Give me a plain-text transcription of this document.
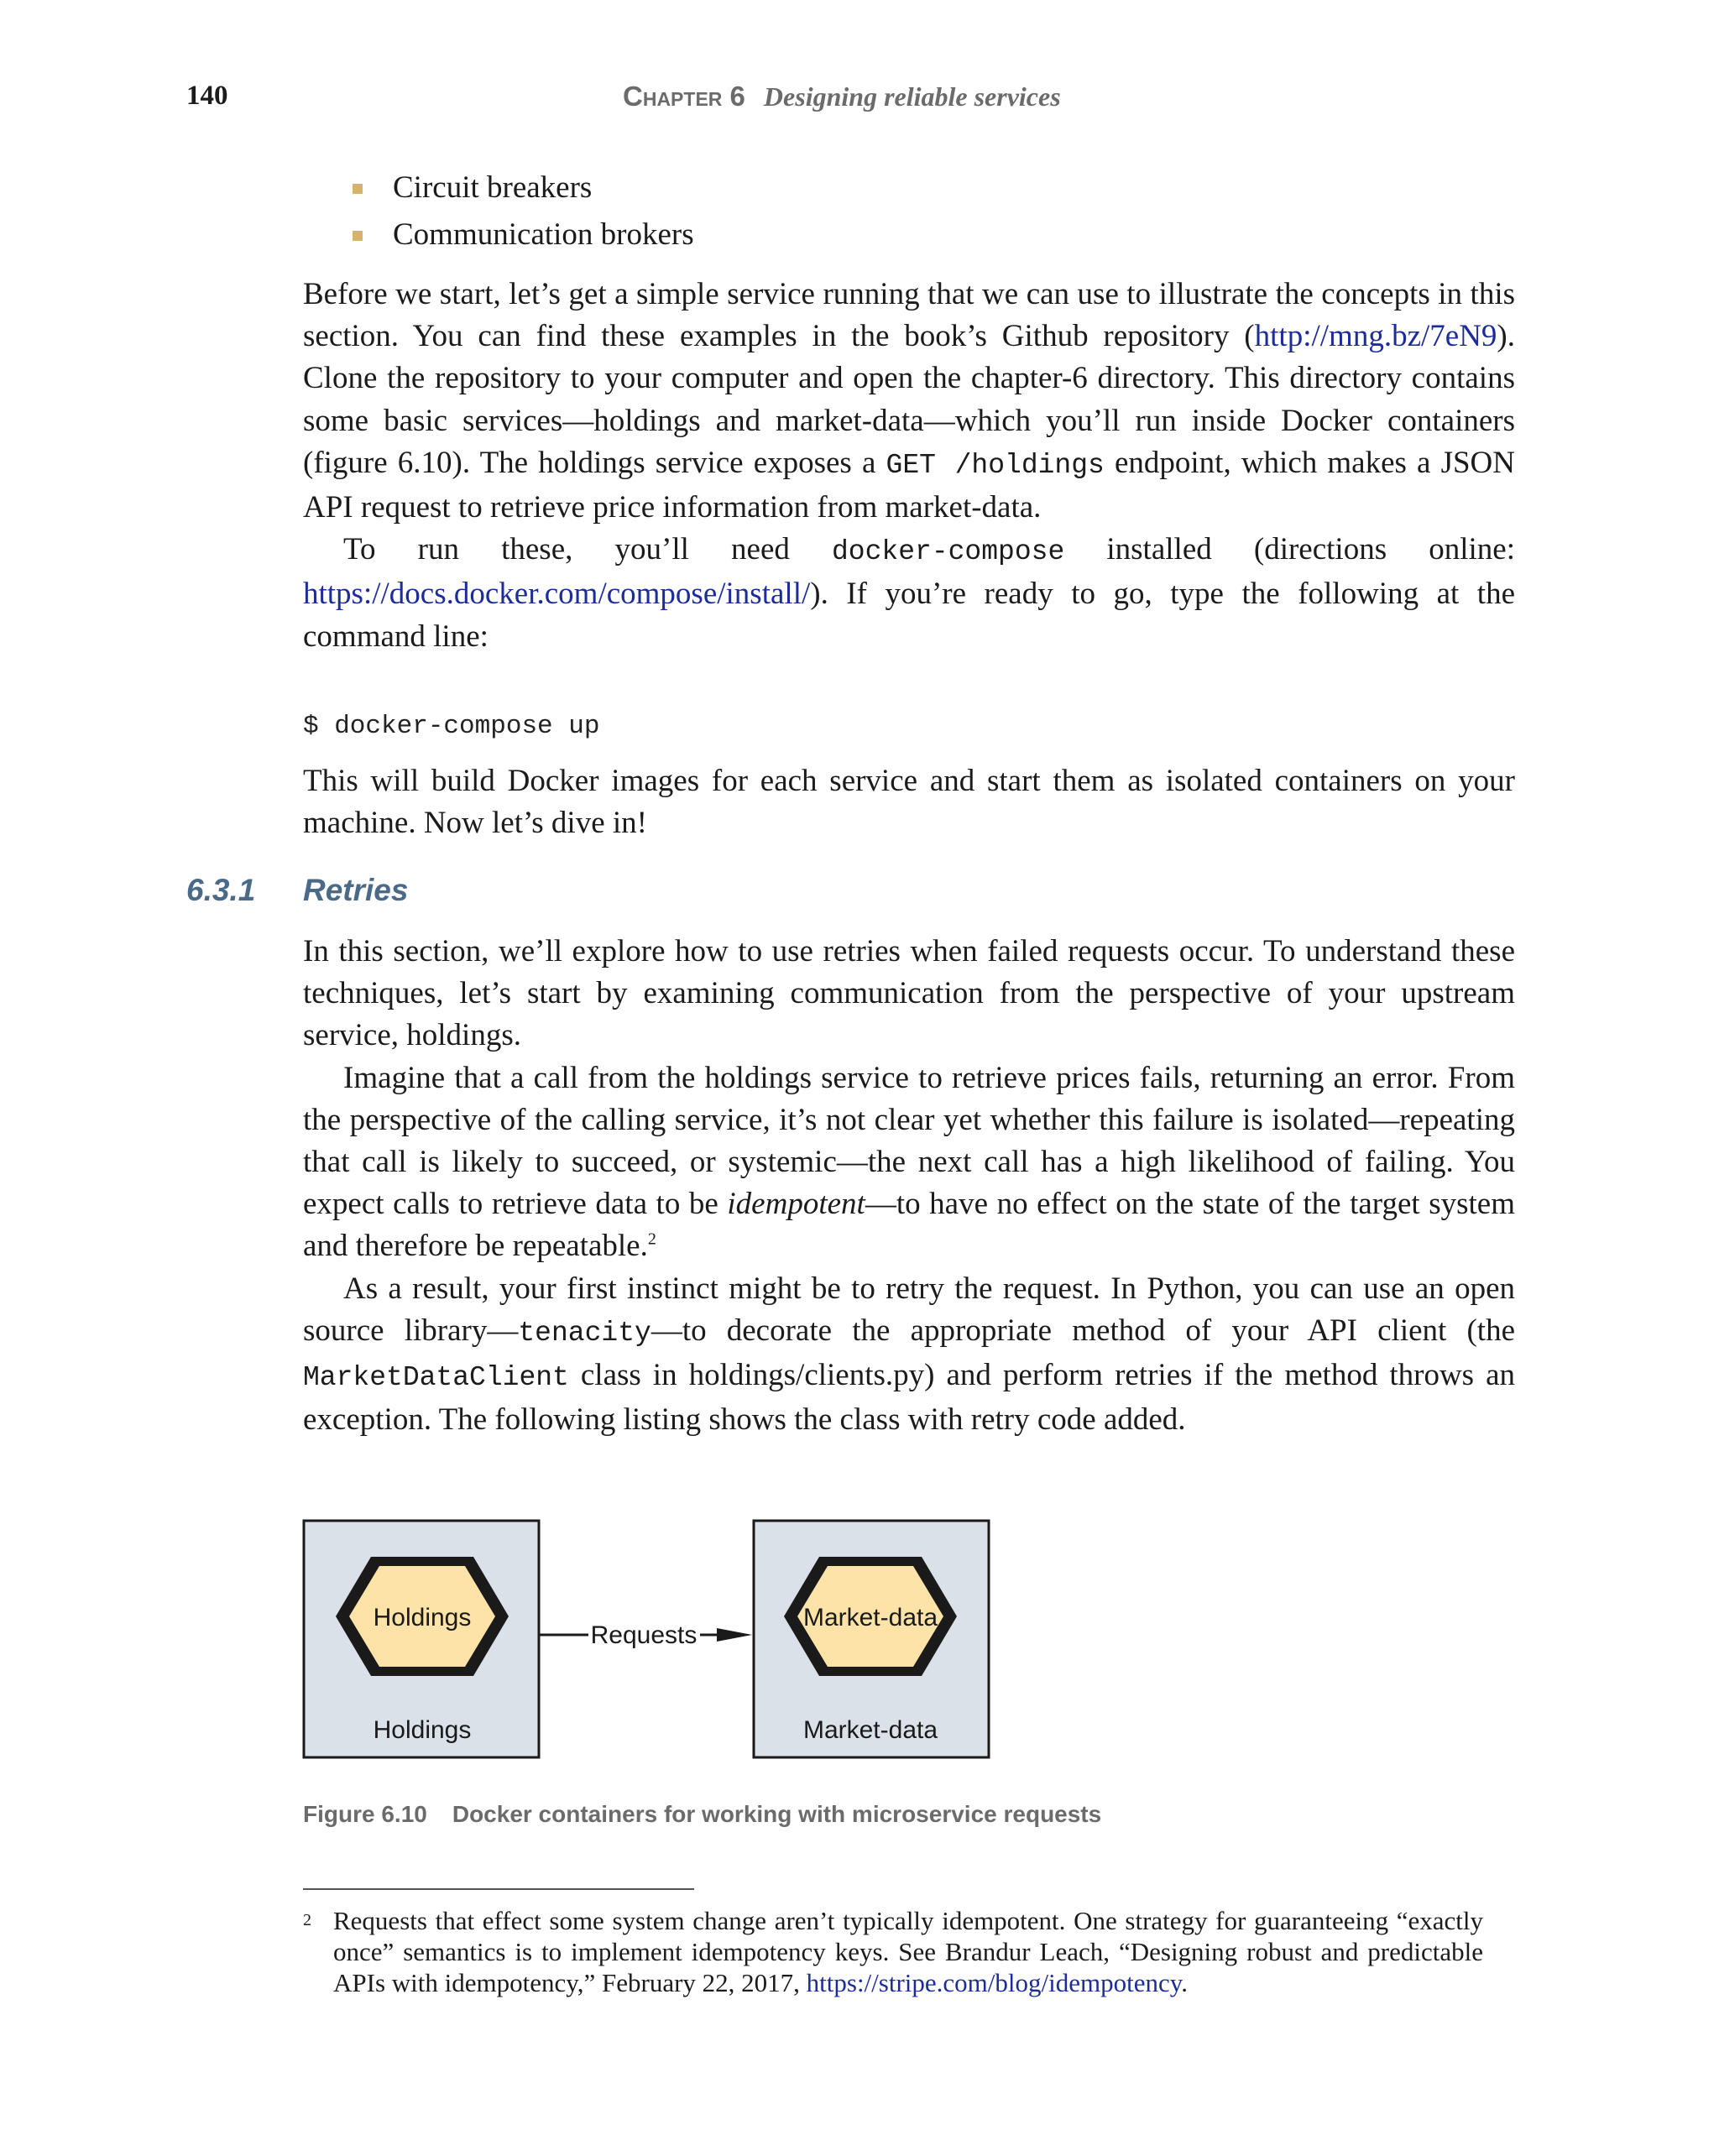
140	Chapter 6 Designing reliable services
Circuit breakers
Communication brokers

Before we start, let’s get a simple service running that we can use to illustrate the concepts in this section. You can find these examples in the book’s Github repository (http://mng.bz/7eN9). Clone the repository to your computer and open the chapter-6 directory. This directory contains some basic services—holdings and market-data—which you’ll run inside Docker containers (figure 6.10). The holdings service exposes a GET /holdings endpoint, which makes a JSON API request to retrieve price information from market-data.

To run these, you’ll need docker-compose installed (directions online: https://docs.docker.com/compose/install/). If you’re ready to go, type the following at the command line:

$ docker-compose up

This will build Docker images for each service and start them as isolated containers on your machine. Now let’s dive in!

6.3.1 Retries

In this section, we’ll explore how to use retries when failed requests occur. To understand these techniques, let’s start by examining communication from the perspective of your upstream service, holdings.

Imagine that a call from the holdings service to retrieve prices fails, returning an error. From the perspective of the calling service, it’s not clear yet whether this failure is isolated—repeating that call is likely to succeed, or systemic—the next call has a high likelihood of failing. You expect calls to retrieve data to be idempotent—to have no effect on the state of the target system and therefore be repeatable.$^2$

As a result, your first instinct might be to retry the request. In Python, you can use an open source library—tenacity—to decorate the appropriate method of your API client (the MarketDataClient class in holdings/clients.py) and perform retries if the method throws an exception. The following listing shows the class with retry code added.

Holdings
Holdings
Requests
Market-data
Market-data
Figure 6.10 Docker containers for working with microservice requests
2 Requests that effect some system change aren’t typically idempotent. One strategy for guaranteeing “exactly once” semantics is to implement idempotency keys. See Brandur Leach, “Designing robust and predictable APIs with idempotency,” February 22, 2017, https://stripe.com/blog/idempotency.
